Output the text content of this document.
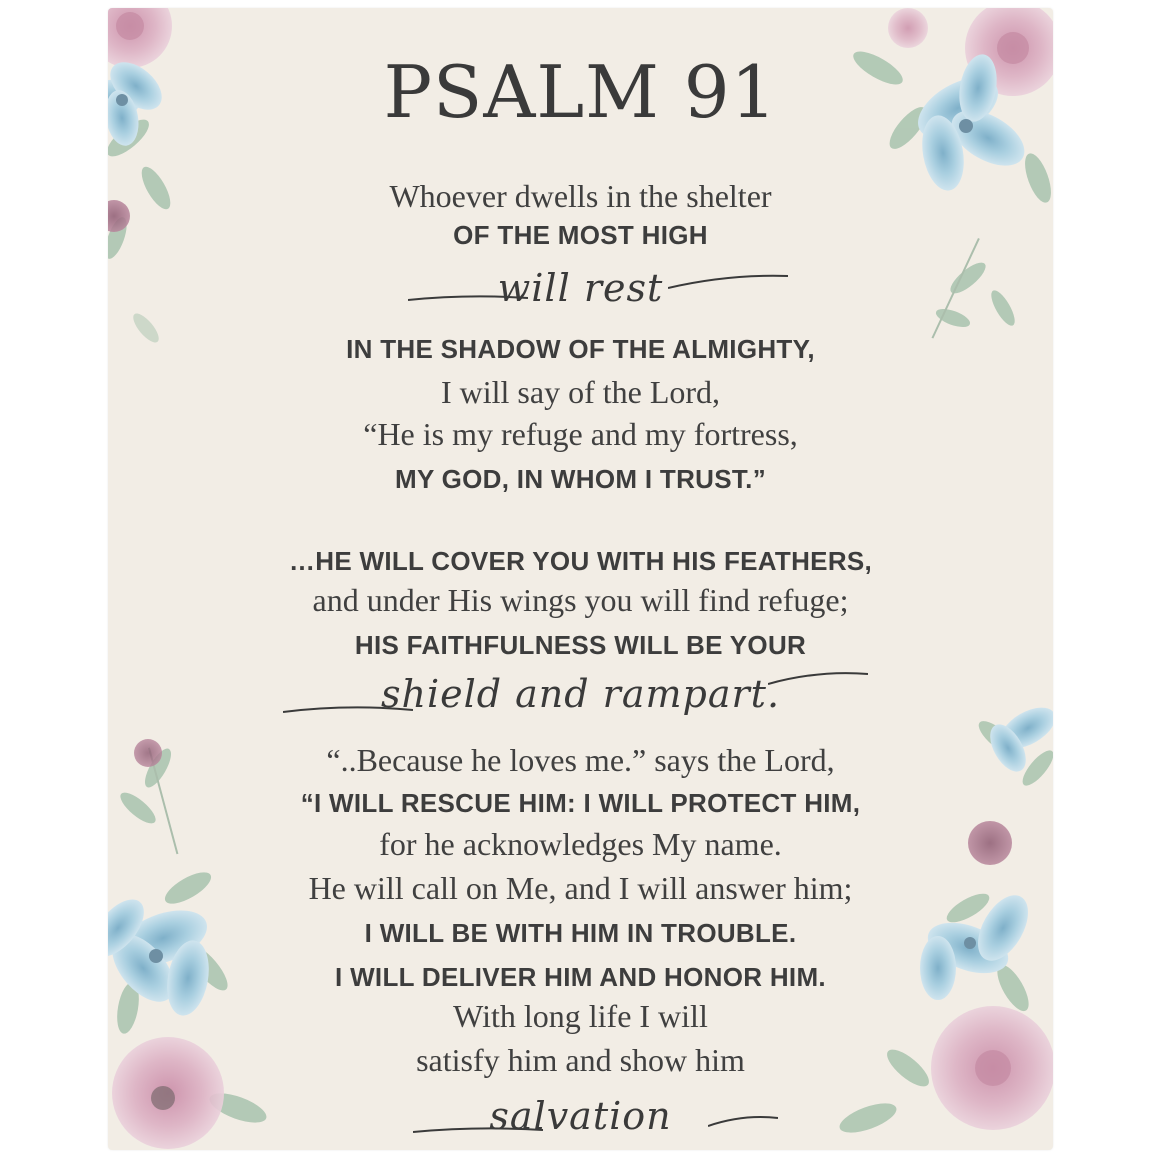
PSALM 91
Whoever dwells in the shelter
OF THE MOST HIGH
will rest
IN THE SHADOW OF THE ALMIGHTY,
I will say of the Lord,
“He is my refuge and my fortress,
MY GOD, IN WHOM I TRUST.”
…HE WILL COVER YOU WITH HIS FEATHERS,
and under His wings you will find refuge;
HIS FAITHFULNESS WILL BE YOUR
shield and rampart.
“..Because he loves me.” says the Lord,
“I WILL RESCUE HIM: I WILL PROTECT HIM,
for he acknowledges My name.
He will call on Me, and I will answer him;
I WILL BE WITH HIM IN TROUBLE.
I WILL DELIVER HIM AND HONOR HIM.
With long life I will
satisfy him and show him
salvation
